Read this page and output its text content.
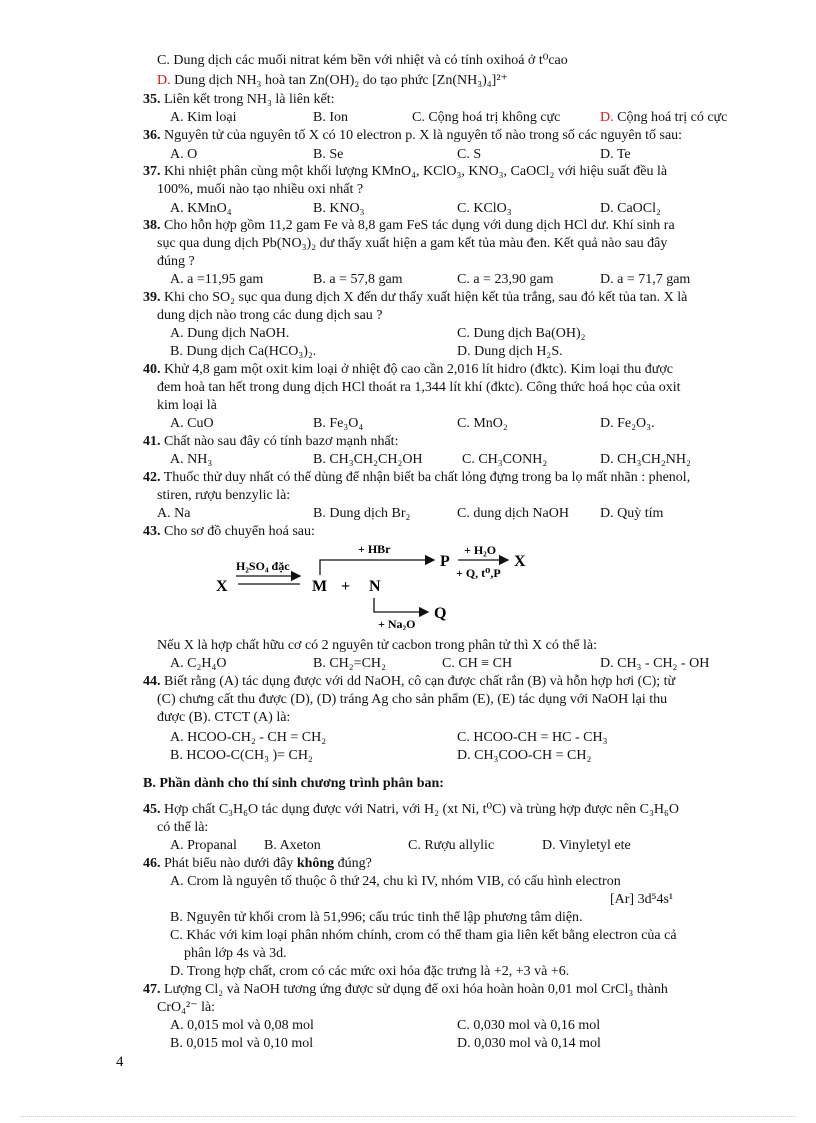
C. Dung dịch các muối nitrat kém bền với nhiệt và có tính oxihoá ở t⁰cao
D. Dung dịch NH₃ hoà tan Zn(OH)₂ do tạo phức [Zn(NH₃)₄]²⁺
35. Liên kết trong NH₃ là liên kết:
A. Kim loại	B. Ion	C. Cộng hoá trị không cực	D. Cộng hoá trị có cực
36. Nguyên tử của nguyên tố X có 10 electron p. X là nguyên tố nào trong số các nguyên tố sau:
A. O	B. Se	C. S	D. Te
37. Khi nhiệt phân cùng một khối lượng KMnO₄, KClO₃, KNO₃, CaOCl₂ với hiệu suất đều là
100%, muối nào tạo nhiều oxi nhất ?
A. KMnO₄	B. KNO₃	C. KClO₃	D. CaOCl₂
38. Cho hỗn hợp gồm 11,2 gam Fe và 8,8 gam FeS tác dụng với dung dịch HCl dư. Khí sinh ra
sục qua dung dịch Pb(NO₃)₂ dư thấy xuất hiện a gam kết tủa màu đen. Kết quả nào sau đây
đúng ?
A. a =11,95 gam	B. a = 57,8 gam	C. a = 23,90 gam	D. a = 71,7 gam
39. Khi cho SO₂ sục qua dung dịch X đến dư thấy xuất hiện kết tủa trắng, sau đó kết tủa tan. X là
dung dịch nào trong các dung dịch sau ?
A. Dung dịch NaOH.	C. Dung dịch Ba(OH)₂
B. Dung dịch Ca(HCO₃)₂.	D. Dung dịch H₂S.
40. Khử 4,8 gam một oxit kim loại ở nhiệt độ cao cần 2,016 lít hidro (đktc). Kim loại thu được
đem hoà tan hết trong dung dịch HCl thoát ra 1,344 lít khí (đktc). Công thức hoá học của oxit
kim loại là
A. CuO	B. Fe₃O₄	C. MnO₂	D. Fe₂O₃.
41. Chất nào sau đây có tính bazơ mạnh nhất:
A. NH₃	B. CH₃CH₂CH₂OH	C. CH₃CONH₂	D. CH₃CH₂NH₂
42. Thuốc thử duy nhất có thể dùng để nhận biết ba chất lỏng đựng trong ba lọ mất nhãn : phenol,
stiren, rượu benzylic là:
A. Na	B. Dung dịch Br₂	C. dung dịch NaOH D. Quỳ tím
43. Cho sơ đồ chuyển hoá sau:
X
H₂SO₄ đặc
M + N
+ HBr
P
+ H₂O
+ Q, t⁰,P
X
Q
+ Na₂O
Nếu X là hợp chất hữu cơ có 2 nguyên tử cacbon trong phân tử thì X có thể là:
A. C₂H₄O	B. CH₂=CH₂	C. CH ≡ CH	D. CH₃ - CH₂ - OH
44. Biết rằng (A) tác dụng được với dd NaOH, cô cạn được chất rắn (B) và hỗn hợp hơi (C); từ
(C) chưng cất thu được (D), (D) tráng Ag cho sản phẩm (E), (E) tác dụng với NaOH lại thu
được (B). CTCT (A) là:
A. HCOO-CH₂ - CH = CH₂	C. HCOO-CH = HC - CH₃
B. HCOO-C(CH₃ )= CH₂	D. CH₃COO-CH = CH₂
B. Phần dành cho thí sinh chương trình phân ban:
45. Hợp chất C₃H₆O tác dụng được với Natri, với H₂ (xt Ni, t⁰C) và trùng hợp được nên C₃H₆O
có thể là:
A. Propanal B. Axeton	C. Rượu allylic	D. Vinyletyl ete
46. Phát biểu nào dưới đây không đúng?
A. Crom là nguyên tố thuộc ô thứ 24, chu kì IV, nhóm VIB, có cấu hình electron
[Ar] 3d⁵4s¹
B. Nguyên tử khối crom là 51,996; cấu trúc tinh thể lập phương tâm diện.
C. Khác với kim loại phân nhóm chính, crom có thể tham gia liên kết bằng electron của cả
phân lớp 4s và 3d.
D. Trong hợp chất, crom có các mức oxi hóa đặc trưng là +2, +3 và +6.
47. Lượng Cl₂ và NaOH tương ứng được sử dụng để oxi hóa hoàn hoàn 0,01 mol CrCl₃ thành
CrO₄²⁻ là:
A. 0,015 mol và 0,08 mol	C. 0,030 mol và 0,16 mol
B. 0,015 mol và 0,10 mol	D. 0,030 mol và 0,14 mol
4
